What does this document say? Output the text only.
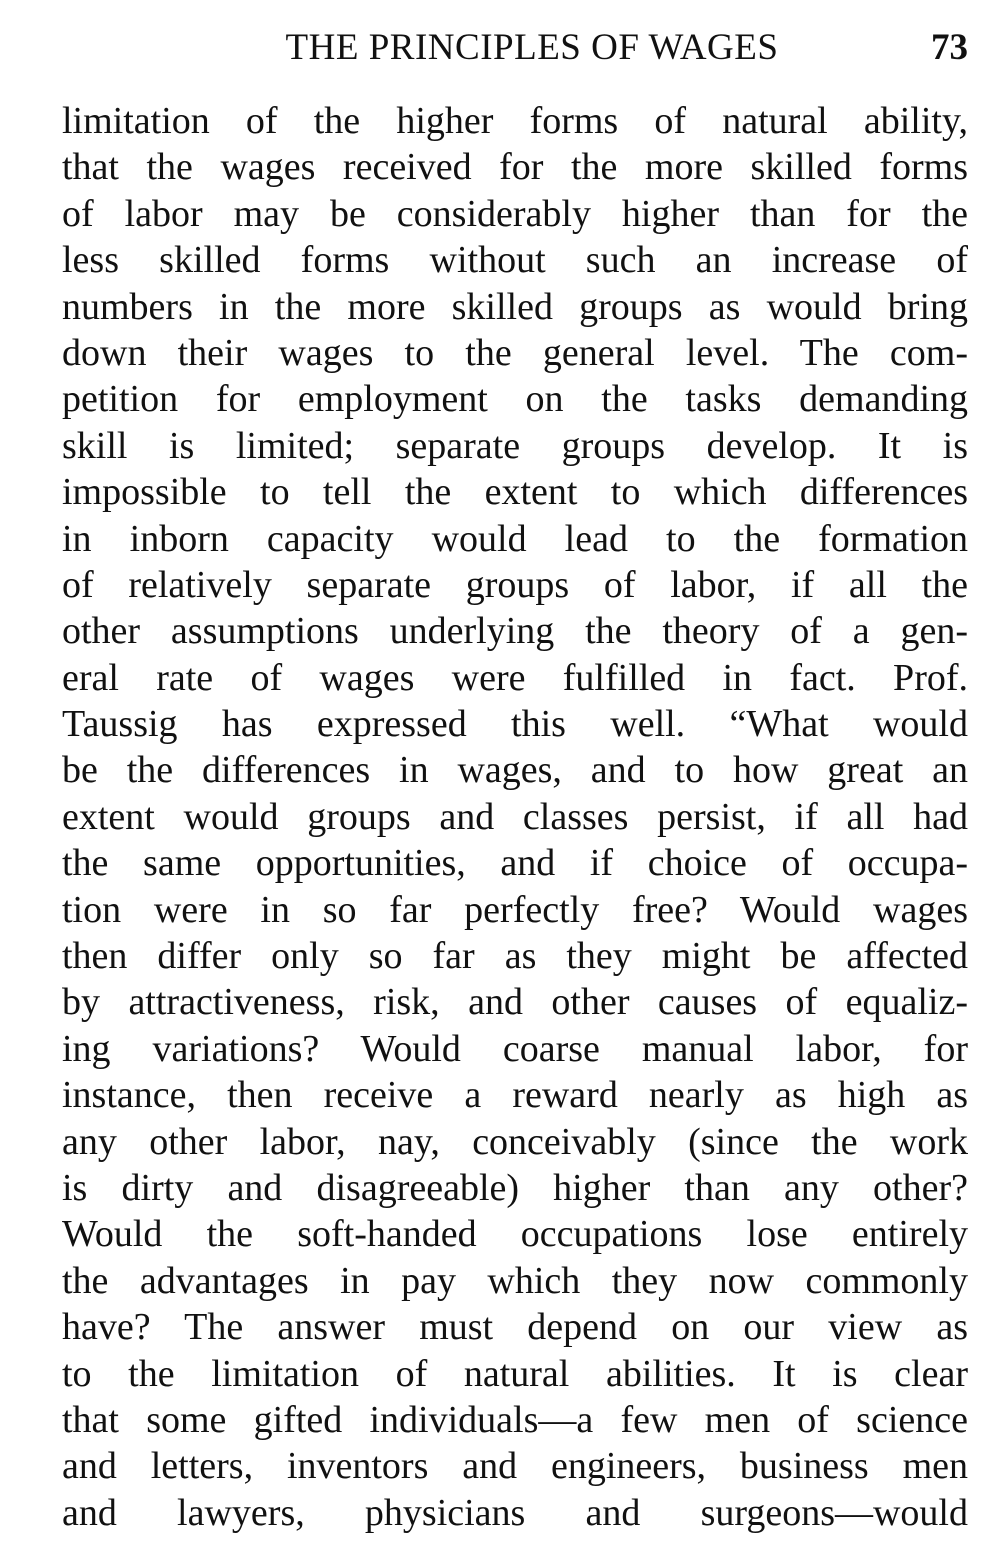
THE PRINCIPLES OF WAGES	73
limitation of the higher forms of natural ability,
that the wages received for the more skilled forms
of labor may be considerably higher than for the
less skilled forms without such an increase of
numbers in the more skilled groups as would bring
down their wages to the general level. The com-
petition for employment on the tasks demanding
skill is limited; separate groups develop. It is
impossible to tell the extent to which differences
in inborn capacity would lead to the formation
of relatively separate groups of labor, if all the
other assumptions underlying the theory of a gen-
eral rate of wages were fulfilled in fact. Prof.
Taussig has expressed this well. “What would
be the differences in wages, and to how great an
extent would groups and classes persist, if all had
the same opportunities, and if choice of occupa-
tion were in so far perfectly free? Would wages
then differ only so far as they might be affected
by attractiveness, risk, and other causes of equaliz-
ing variations? Would coarse manual labor, for
instance, then receive a reward nearly as high as
any other labor, nay, conceivably (since the work
is dirty and disagreeable) higher than any other?
Would the soft-handed occupations lose entirely
the advantages in pay which they now commonly
have? The answer must depend on our view as
to the limitation of natural abilities. It is clear
that some gifted individuals—a few men of science
and letters, inventors and engineers, business men
and lawyers, physicians and surgeons—would
